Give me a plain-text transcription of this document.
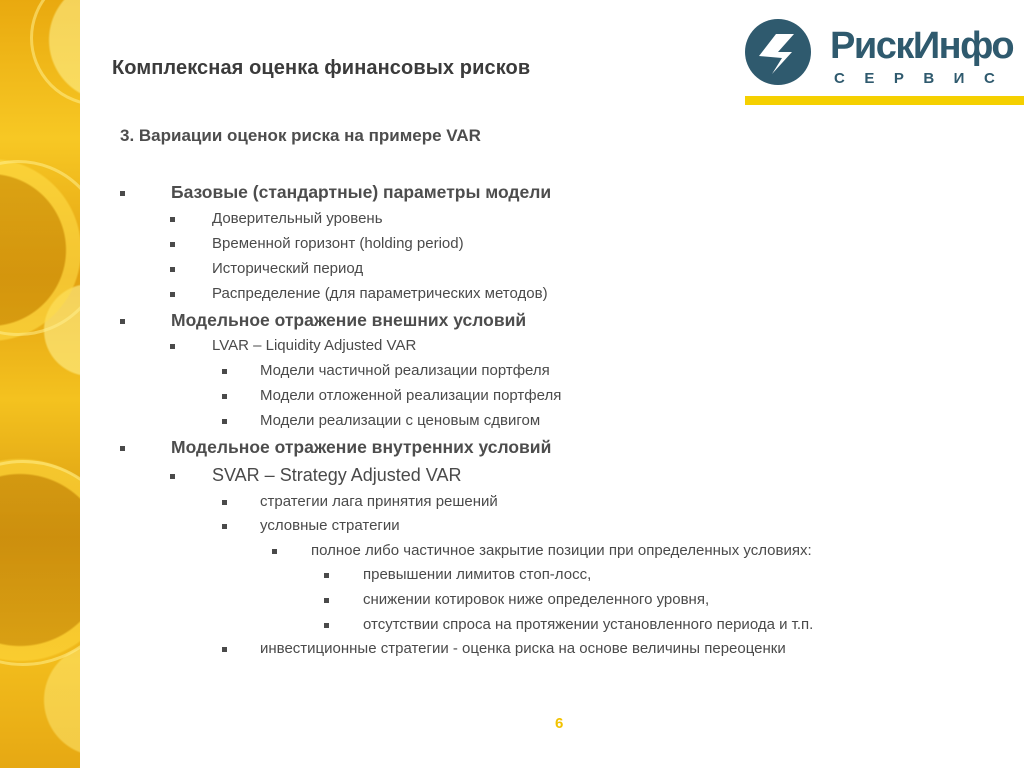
Комплексная оценка финансовых рисков
РискИнфо
СЕРВИС
3. Вариации оценок риска на примере VAR
Базовые (стандартные) параметры модели
Доверительный уровень
Временной горизонт (holding period)
Исторический период
Распределение (для параметрических методов)
Модельное отражение внешних условий
LVAR – Liquidity Adjusted VAR
Модели частичной реализации портфеля
Модели отложенной реализации портфеля
Модели реализации с ценовым сдвигом
Модельное отражение внутренних условий
SVAR – Strategy Adjusted VAR
стратегии лага принятия решений
условные стратегии
полное либо частичное закрытие позиции при определенных условиях:
превышении лимитов стоп-лосс,
снижении котировок ниже определенного уровня,
отсутствии спроса на протяжении установленного периода и т.п.
инвестиционные стратегии - оценка риска на основе величины переоценки
6
